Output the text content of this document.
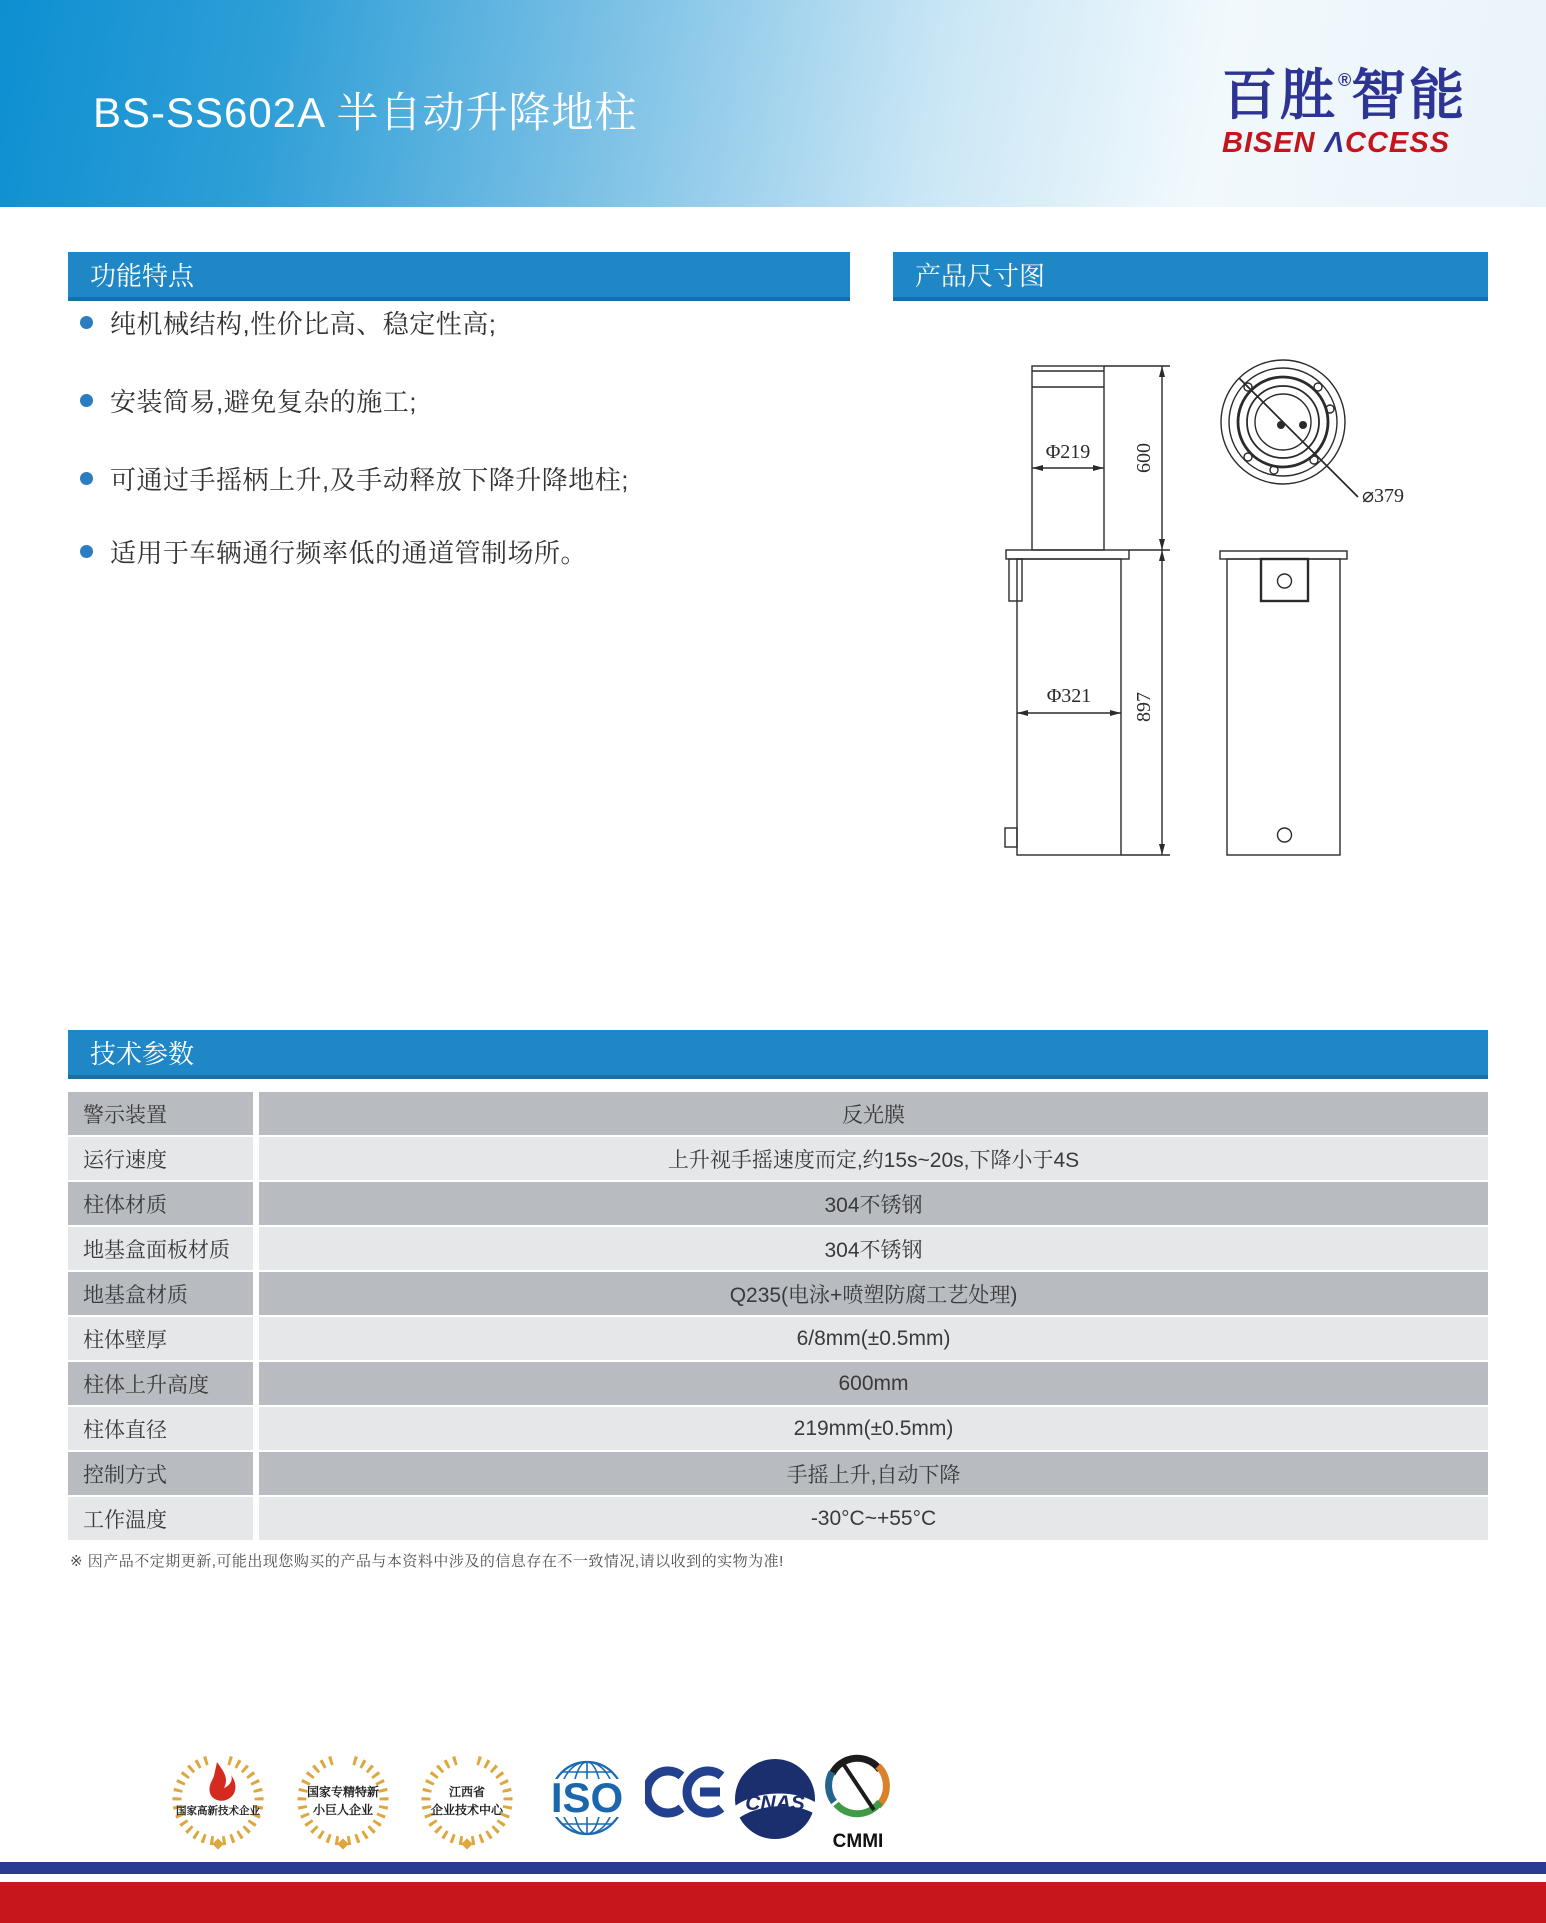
BS-SS602A 半自动升降地柱	百胜®智能
BISEN ΛCCESS
功能特点	产品尺寸图
纯机械结构,性价比高、稳定性高;
安装简易,避免复杂的施工;
可通过手摇柄上升,及手动释放下降升降地柱;
适用于车辆通行频率低的通道管制场所。
Φ219 600
Φ321 897
⌀379
技术参数
警示装置	反光膜
运行速度	上升视手摇速度而定,约15s~20s,下降小于4S
柱体材质	304不锈钢
地基盒面板材质	304不锈钢
地基盒材质	Q235(电泳+喷塑防腐工艺处理)
柱体壁厚	6/8mm(±0.5mm)
柱体上升高度	600mm
柱体直径	219mm(±0.5mm)
控制方式	手摇上升,自动下降
工作温度	-30°C~+55°C
※ 因产品不定期更新,可能出现您购买的产品与本资料中涉及的信息存在不一致情况,请以收到的实物为准!
国家高新技术企业
国家专精特新
小巨人企业
江西省
企业技术中心 ISO	CNAS
CMMI
